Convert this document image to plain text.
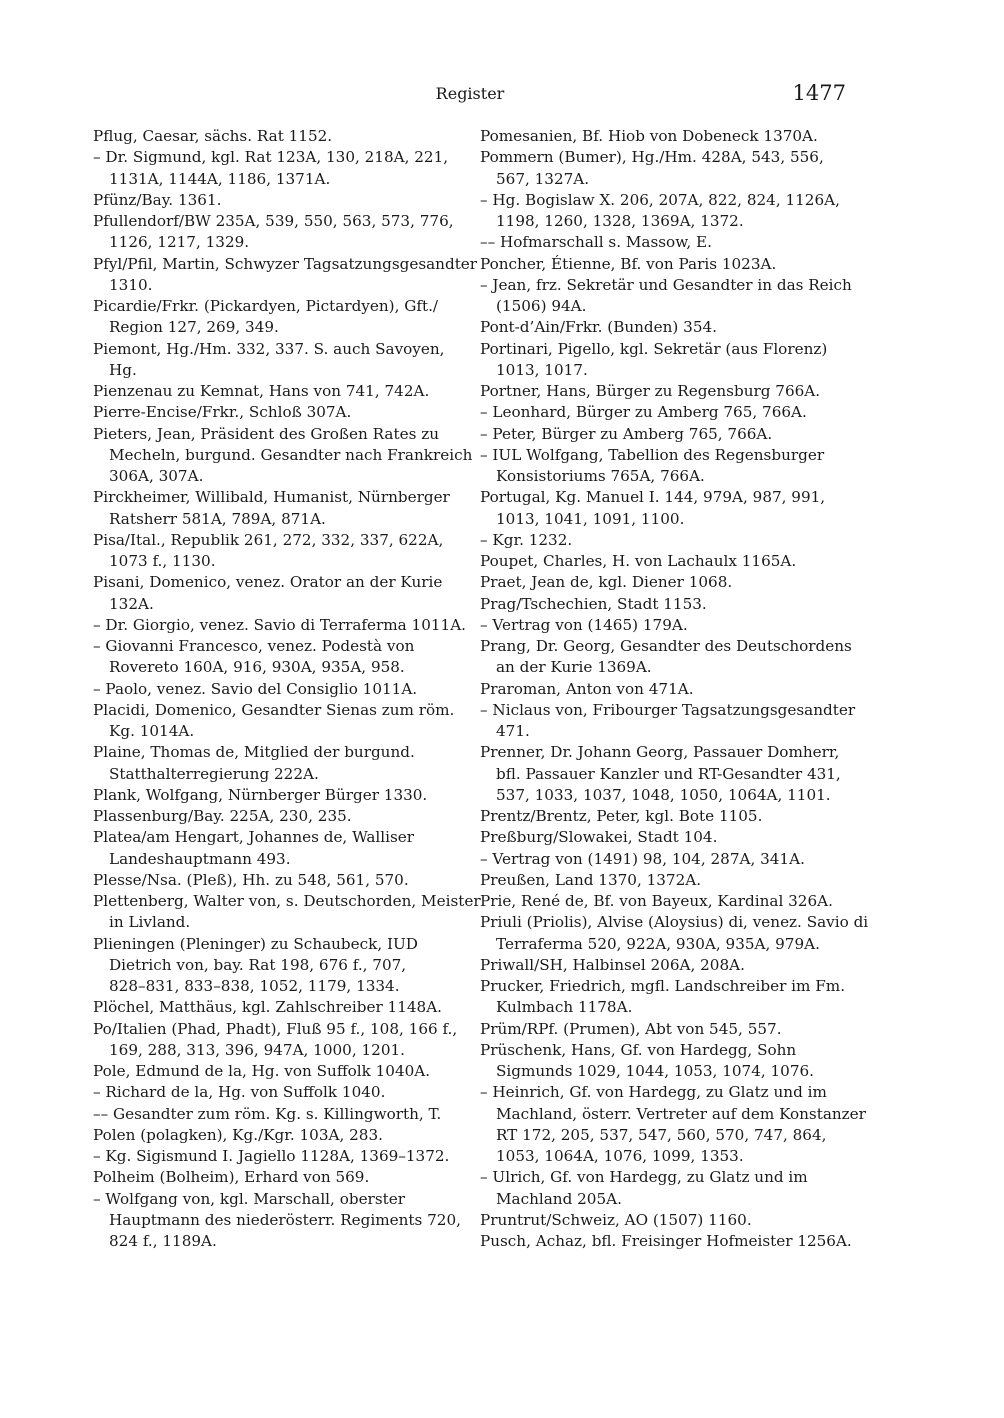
Register	1477
Pflug, Caesar, sächs. Rat 1152.
– Dr. Sigmund, kgl. Rat 123A, 130, 218A, 221,
1131A, 1144A, 1186, 1371A.
Pfünz/Bay. 1361.
Pfullendorf/BW 235A, 539, 550, 563, 573, 776,
1126, 1217, 1329.
Pfyl/Pfil, Martin, Schwyzer Tagsatzungsgesandter
1310.
Picardie/Frkr. (Pickardyen, Pictardyen), Gft./
Region 127, 269, 349.
Piemont, Hg./Hm. 332, 337. S. auch Savoyen,
Hg.
Pienzenau zu Kemnat, Hans von 741, 742A.
Pierre-Encise/Frkr., Schloß 307A.
Pieters, Jean, Präsident des Großen Rates zu
Mecheln, burgund. Gesandter nach Frankreich
306A, 307A.
Pirckheimer, Willibald, Humanist, Nürnberger
Ratsherr 581A, 789A, 871A.
Pisa/Ital., Republik 261, 272, 332, 337, 622A,
1073 f., 1130.
Pisani, Domenico, venez. Orator an der Kurie
132A.
– Dr. Giorgio, venez. Savio di Terraferma 1011A.
– Giovanni Francesco, venez. Podestà von
Rovereto 160A, 916, 930A, 935A, 958.
– Paolo, venez. Savio del Consiglio 1011A.
Placidi, Domenico, Gesandter Sienas zum röm.
Kg. 1014A.
Plaine, Thomas de, Mitglied der burgund.
Statthalterregierung 222A.
Plank, Wolfgang, Nürnberger Bürger 1330.
Plassenburg/Bay. 225A, 230, 235.
Platea/am Hengart, Johannes de, Walliser
Landeshauptmann 493.
Plesse/Nsa. (Pleß), Hh. zu 548, 561, 570.
Plettenberg, Walter von, s. Deutschorden, Meister
in Livland.
Plieningen (Pleninger) zu Schaubeck, IUD
Dietrich von, bay. Rat 198, 676 f., 707,
828–831, 833–838, 1052, 1179, 1334.
Plöchel, Matthäus, kgl. Zahlschreiber 1148A.
Po/Italien (Phad, Phadt), Fluß 95 f., 108, 166 f.,
169, 288, 313, 396, 947A, 1000, 1201.
Pole, Edmund de la, Hg. von Suffolk 1040A.
– Richard de la, Hg. von Suffolk 1040.
–– Gesandter zum röm. Kg. s. Killingworth, T.
Polen (polagken), Kg./Kgr. 103A, 283.
– Kg. Sigismund I. Jagiello 1128A, 1369–1372.
Polheim (Bolheim), Erhard von 569.
– Wolfgang von, kgl. Marschall, oberster
Hauptmann des niederösterr. Regiments 720,
824 f., 1189A.
Pomesanien, Bf. Hiob von Dobeneck 1370A.
Pommern (Bumer), Hg./Hm. 428A, 543, 556,
567, 1327A.
– Hg. Bogislaw X. 206, 207A, 822, 824, 1126A,
1198, 1260, 1328, 1369A, 1372.
–– Hofmarschall s. Massow, E.
Poncher, Étienne, Bf. von Paris 1023A.
– Jean, frz. Sekretär und Gesandter in das Reich
(1506) 94A.
Pont-d’Ain/Frkr. (Bunden) 354.
Portinari, Pigello, kgl. Sekretär (aus Florenz)
1013, 1017.
Portner, Hans, Bürger zu Regensburg 766A.
– Leonhard, Bürger zu Amberg 765, 766A.
– Peter, Bürger zu Amberg 765, 766A.
– IUL Wolfgang, Tabellion des Regensburger
Konsistoriums 765A, 766A.
Portugal, Kg. Manuel I. 144, 979A, 987, 991,
1013, 1041, 1091, 1100.
– Kgr. 1232.
Poupet, Charles, H. von Lachaulx 1165A.
Praet, Jean de, kgl. Diener 1068.
Prag/Tschechien, Stadt 1153.
– Vertrag von (1465) 179A.
Prang, Dr. Georg, Gesandter des Deutschordens
an der Kurie 1369A.
Praroman, Anton von 471A.
– Niclaus von, Fribourger Tagsatzungsgesandter
471.
Prenner, Dr. Johann Georg, Passauer Domherr,
bfl. Passauer Kanzler und RT-Gesandter 431,
537, 1033, 1037, 1048, 1050, 1064A, 1101.
Prentz/Brentz, Peter, kgl. Bote 1105.
Preßburg/Slowakei, Stadt 104.
– Vertrag von (1491) 98, 104, 287A, 341A.
Preußen, Land 1370, 1372A.
Prie, René de, Bf. von Bayeux, Kardinal 326A.
Priuli (Priolis), Alvise (Aloysius) di, venez. Savio di
Terraferma 520, 922A, 930A, 935A, 979A.
Priwall/SH, Halbinsel 206A, 208A.
Prucker, Friedrich, mgfl. Landschreiber im Fm.
Kulmbach 1178A.
Prüm/RPf. (Prumen), Abt von 545, 557.
Prüschenk, Hans, Gf. von Hardegg, Sohn
Sigmunds 1029, 1044, 1053, 1074, 1076.
– Heinrich, Gf. von Hardegg, zu Glatz und im
Machland, österr. Vertreter auf dem Konstanzer
RT 172, 205, 537, 547, 560, 570, 747, 864,
1053, 1064A, 1076, 1099, 1353.
– Ulrich, Gf. von Hardegg, zu Glatz und im
Machland 205A.
Pruntrut/Schweiz, AO (1507) 1160.
Pusch, Achaz, bfl. Freisinger Hofmeister 1256A.
